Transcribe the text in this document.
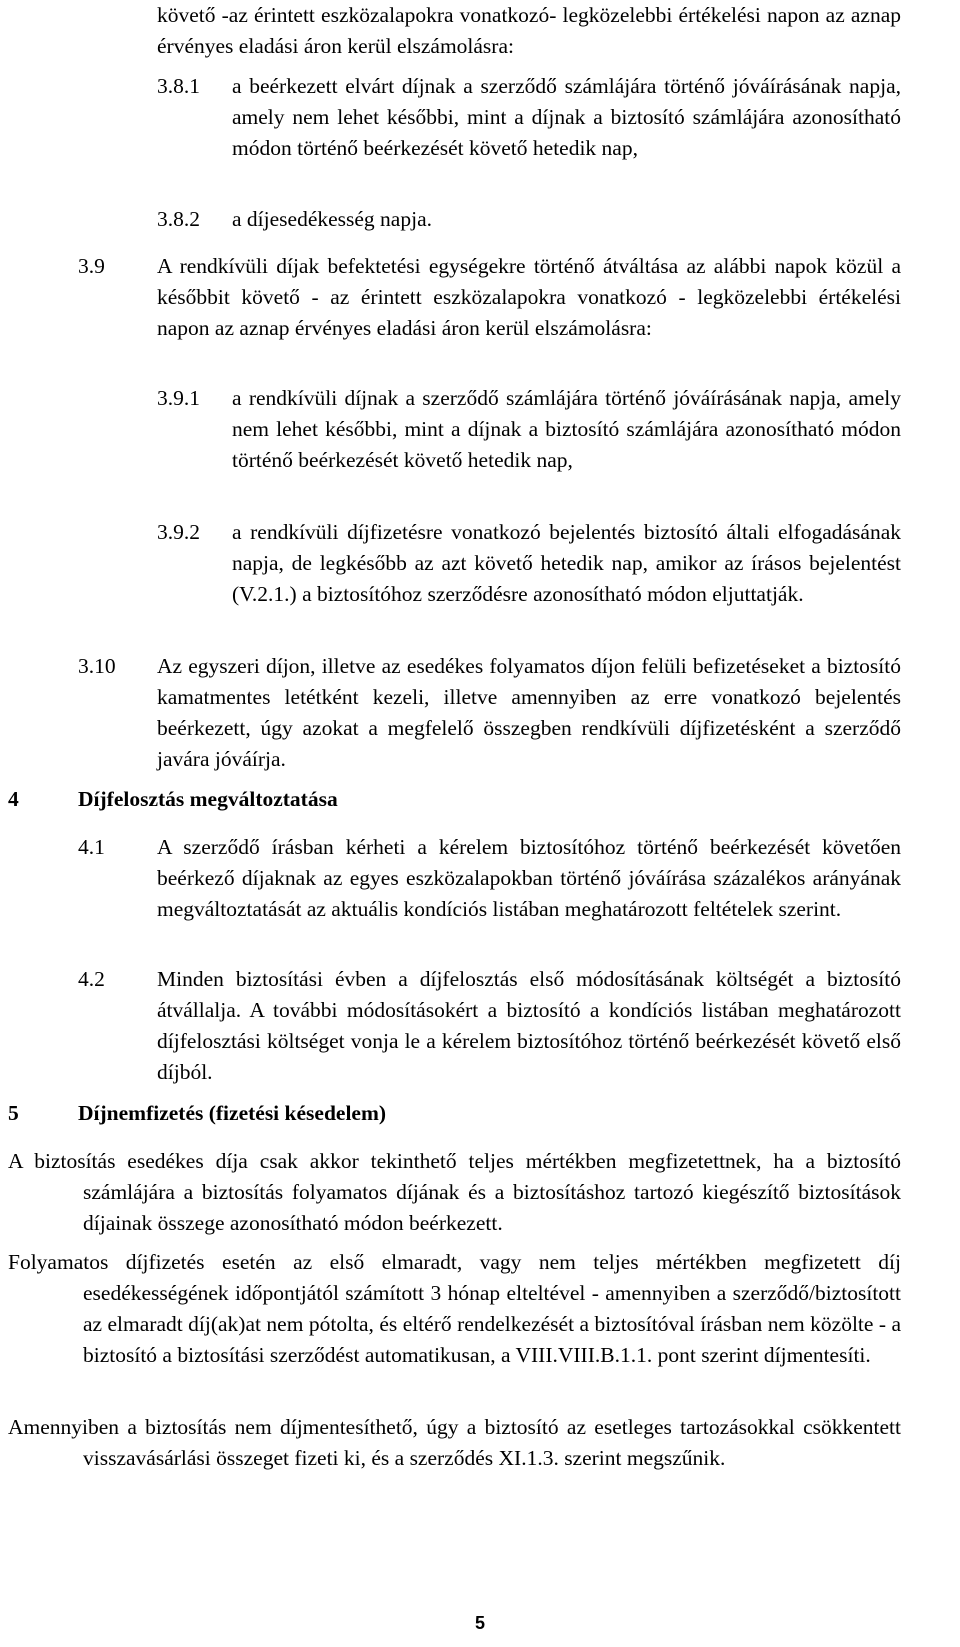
követő -az érintett eszközalapokra vonatkozó- legközelebbi értékelési napon az aznap érvényes eladási áron kerül elszámolásra:

3.8.1 a beérkezett elvárt díjnak a szerződő számlájára történő jóváírásának napja, amely nem lehet későbbi, mint a díjnak a biztosító számlájára azonosítható módon történő beérkezését követő hetedik nap,

3.8.2 a díjesedékesség napja.

3.9 A rendkívüli díjak befektetési egységekre történő átváltása az alábbi napok közül a későbbit követő - az érintett eszközalapokra vonatkozó - legközelebbi értékelési napon az aznap érvényes eladási áron kerül elszámolásra:

3.9.1 a rendkívüli díjnak a szerződő számlájára történő jóváírásának napja, amely nem lehet későbbi, mint a díjnak a biztosító számlájára azonosítható módon történő beérkezését követő hetedik nap,

3.9.2 a rendkívüli díjfizetésre vonatkozó bejelentés biztosító általi elfogadásának napja, de legkésőbb az azt követő hetedik nap, amikor az írásos bejelentést (V.2.1.) a biztosítóhoz szerződésre azonosítható módon eljuttatják.

3.10 Az egyszeri díjon, illetve az esedékes folyamatos díjon felüli befizetéseket a biztosító kamatmentes letétként kezeli, illetve amennyiben az erre vonatkozó bejelentés beérkezett, úgy azokat a megfelelő összegben rendkívüli díjfizetésként a szerződő javára jóváírja.

4	Díjfelosztás megváltoztatása
4.1 A szerződő írásban kérheti a kérelem biztosítóhoz történő beérkezését követően beérkező díjaknak az egyes eszközalapokban történő jóváírása százalékos arányának megváltoztatását az aktuális kondíciós listában meghatározott feltételek szerint.

4.2 Minden biztosítási évben a díjfelosztás első módosításának költségét a biztosító átvállalja. A további módosításokért a biztosító a kondíciós listában meghatározott díjfelosztási költséget vonja le a kérelem biztosítóhoz történő beérkezését követő első díjból.

5	Díjnemfizetés (fizetési késedelem)

A biztosítás esedékes díja csak akkor tekinthető teljes mértékben megfizetettnek, ha a biztosító számlájára a biztosítás folyamatos díjának és a biztosításhoz tartozó kiegészítő biztosítások díjainak összege azonosítható módon beérkezett.

Folyamatos díjfizetés esetén az első elmaradt, vagy nem teljes mértékben megfizetett díj esedékességének időpontjától számított 3 hónap elteltével - amennyiben a szerződő/biztosított az elmaradt díj(ak)at nem pótolta, és eltérő rendelkezését a biztosítóval írásban nem közölte - a biztosító a biztosítási szerződést automatikusan, a VIII.VIII.B.1.1. pont szerint díjmentesíti.

Amennyiben a biztosítás nem díjmentesíthető, úgy a biztosító az esetleges tartozásokkal csökkentett visszavásárlási összeget fizeti ki, és a szerződés XI.1.3. szerint megszűnik.

5
